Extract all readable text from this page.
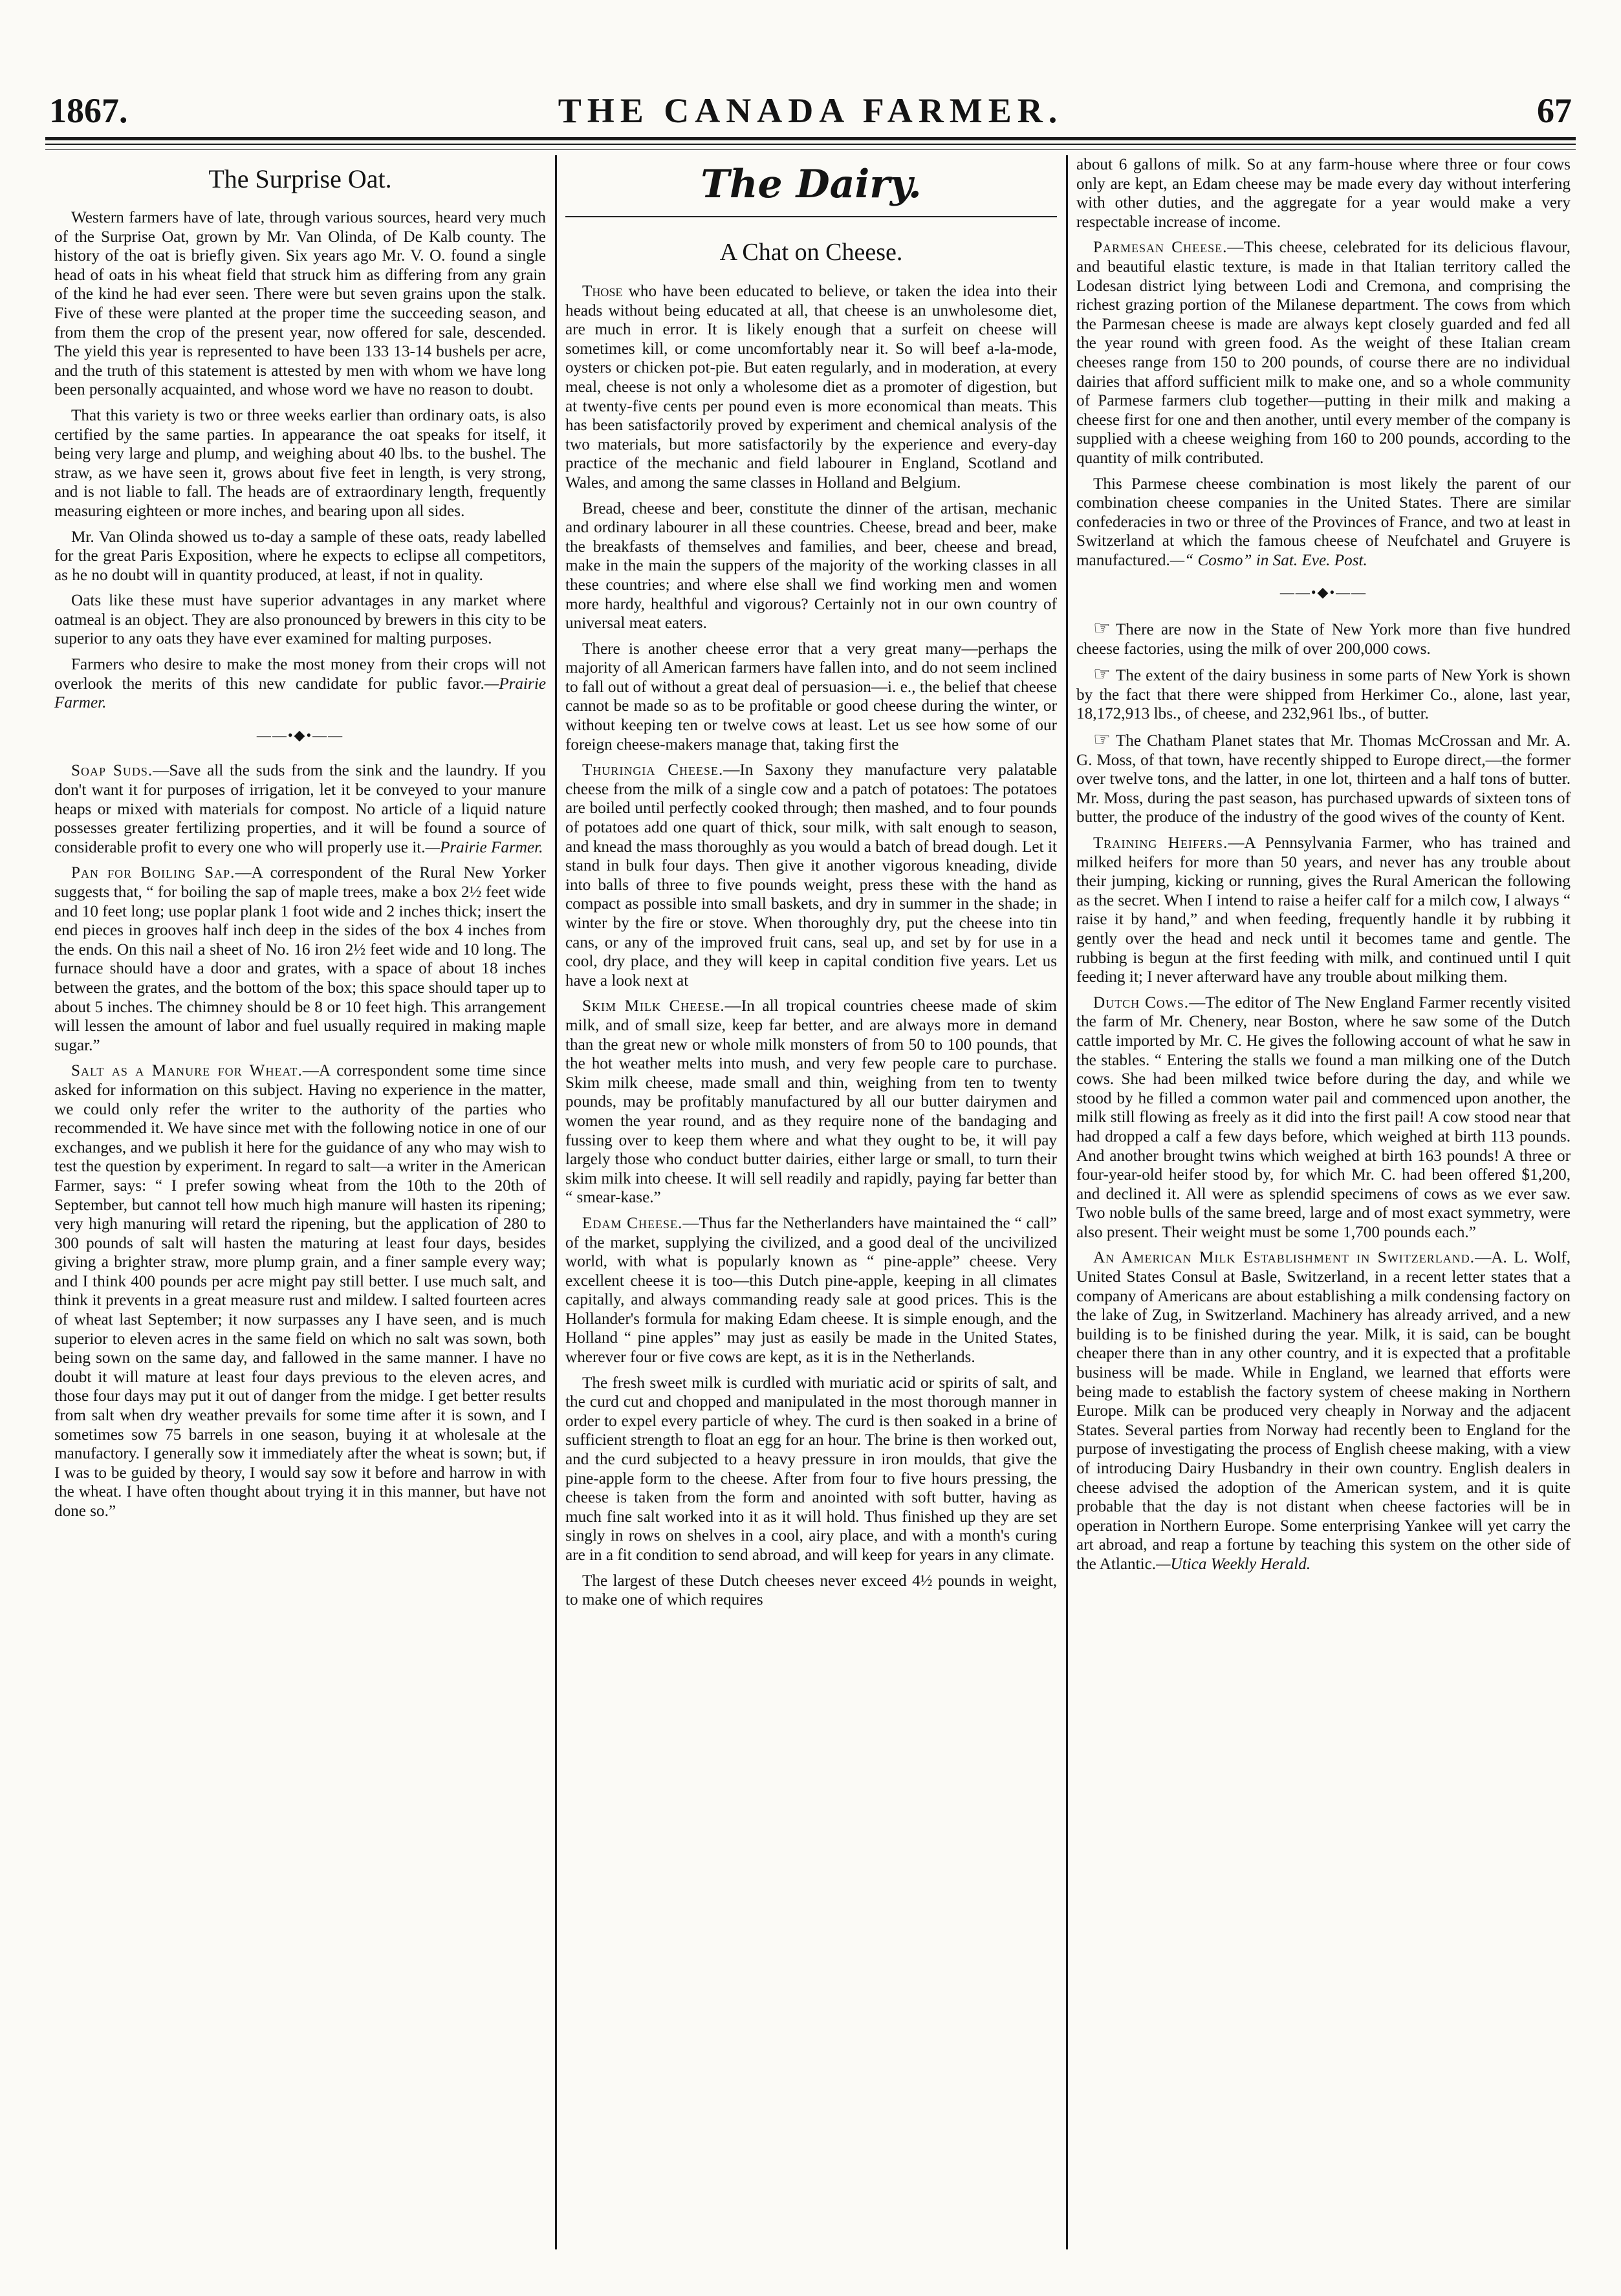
1867.	THE CANADA FARMER.	67
The Surprise Oat.

Western farmers have of late, through various sources, heard very much of the Surprise Oat, grown by Mr. Van Olinda, of De Kalb county. The history of the oat is briefly given. Six years ago Mr. V. O. found a single head of oats in his wheat field that struck him as differing from any grain of the kind he had ever seen. There were but seven grains upon the stalk. Five of these were planted at the proper time the succeeding season, and from them the crop of the present year, now offered for sale, descended. The yield this year is represented to have been 133 13-14 bushels per acre, and the truth of this statement is attested by men with whom we have long been personally acquainted, and whose word we have no reason to doubt.

That this variety is two or three weeks earlier than ordinary oats, is also certified by the same parties. In appearance the oat speaks for itself, it being very large and plump, and weighing about 40 lbs. to the bushel. The straw, as we have seen it, grows about five feet in length, is very strong, and is not liable to fall. The heads are of extraordinary length, frequently measuring eighteen or more inches, and bearing upon all sides.

Mr. Van Olinda showed us to-day a sample of these oats, ready labelled for the great Paris Exposition, where he expects to eclipse all competitors, as he no doubt will in quantity produced, at least, if not in quality.

Oats like these must have superior advantages in any market where oatmeal is an object. They are also pronounced by brewers in this city to be superior to any oats they have ever examined for malting purposes.

Farmers who desire to make the most money from their crops will not overlook the merits of this new candidate for public favor.—Prairie Farmer.

——•◆•——

Soap Suds.—Save all the suds from the sink and the laundry. If you don't want it for purposes of irrigation, let it be conveyed to your manure heaps or mixed with materials for compost. No article of a liquid nature possesses greater fertilizing properties, and it will be found a source of considerable profit to every one who will properly use it.—Prairie Farmer.

Pan for Boiling Sap.—A correspondent of the Rural New Yorker suggests that, “ for boiling the sap of maple trees, make a box 2½ feet wide and 10 feet long; use poplar plank 1 foot wide and 2 inches thick; insert the end pieces in grooves half inch deep in the sides of the box 4 inches from the ends. On this nail a sheet of No. 16 iron 2½ feet wide and 10 long. The furnace should have a door and grates, with a space of about 18 inches between the grates, and the bottom of the box; this space should taper up to about 5 inches. The chimney should be 8 or 10 feet high. This arrangement will lessen the amount of labor and fuel usually required in making maple sugar.”

Salt as a Manure for Wheat.—A correspondent some time since asked for information on this subject. Having no experience in the matter, we could only refer the writer to the authority of the parties who recommended it. We have since met with the following notice in one of our exchanges, and we publish it here for the guidance of any who may wish to test the question by experiment. In regard to salt—a writer in the American Farmer, says: “ I prefer sowing wheat from the 10th to the 20th of September, but cannot tell how much high manure will hasten its ripening; very high manuring will retard the ripening, but the application of 280 to 300 pounds of salt will hasten the maturing at least four days, besides giving a brighter straw, more plump grain, and a finer sample every way; and I think 400 pounds per acre might pay still better. I use much salt, and think it prevents in a great measure rust and mildew. I salted fourteen acres of wheat last September; it now surpasses any I have seen, and is much superior to eleven acres in the same field on which no salt was sown, both being sown on the same day, and fallowed in the same manner. I have no doubt it will mature at least four days previous to the eleven acres, and those four days may put it out of danger from the midge. I get better results from salt when dry weather prevails for some time after it is sown, and I sometimes sow 75 barrels in one season, buying it at wholesale at the manufactory. I generally sow it immediately after the wheat is sown; but, if I was to be guided by theory, I would say sow it before and harrow in with the wheat. I have often thought about trying it in this manner, but have not done so.”

The Dairy.
A Chat on Cheese.

Those who have been educated to believe, or taken the idea into their heads without being educated at all, that cheese is an unwholesome diet, are much in error. It is likely enough that a surfeit on cheese will sometimes kill, or come uncomfortably near it. So will beef a-la-mode, oysters or chicken pot-pie. But eaten regularly, and in moderation, at every meal, cheese is not only a wholesome diet as a promoter of digestion, but at twenty-five cents per pound even is more economical than meats. This has been satisfactorily proved by experiment and chemical analysis of the two materials, but more satisfactorily by the experience and every-day practice of the mechanic and field labourer in England, Scotland and Wales, and among the same classes in Holland and Belgium.

Bread, cheese and beer, constitute the dinner of the artisan, mechanic and ordinary labourer in all these countries. Cheese, bread and beer, make the breakfasts of themselves and families, and beer, cheese and bread, make in the main the suppers of the majority of the working classes in all these countries; and where else shall we find working men and women more hardy, healthful and vigorous? Certainly not in our own country of universal meat eaters.

There is another cheese error that a very great many—perhaps the majority of all American farmers have fallen into, and do not seem inclined to fall out of without a great deal of persuasion—i. e., the belief that cheese cannot be made so as to be profitable or good cheese during the winter, or without keeping ten or twelve cows at least. Let us see how some of our foreign cheese-makers manage that, taking first the

Thuringia Cheese.—In Saxony they manufacture very palatable cheese from the milk of a single cow and a patch of potatoes: The potatoes are boiled until perfectly cooked through; then mashed, and to four pounds of potatoes add one quart of thick, sour milk, with salt enough to season, and knead the mass thoroughly as you would a batch of bread dough. Let it stand in bulk four days. Then give it another vigorous kneading, divide into balls of three to five pounds weight, press these with the hand as compact as possible into small baskets, and dry in summer in the shade; in winter by the fire or stove. When thoroughly dry, put the cheese into tin cans, or any of the improved fruit cans, seal up, and set by for use in a cool, dry place, and they will keep in capital condition five years. Let us have a look next at

Skim Milk Cheese.—In all tropical countries cheese made of skim milk, and of small size, keep far better, and are always more in demand than the great new or whole milk monsters of from 50 to 100 pounds, that the hot weather melts into mush, and very few people care to purchase. Skim milk cheese, made small and thin, weighing from ten to twenty pounds, may be profitably manufactured by all our butter dairymen and women the year round, and as they require none of the bandaging and fussing over to keep them where and what they ought to be, it will pay largely those who conduct butter dairies, either large or small, to turn their skim milk into cheese. It will sell readily and rapidly, paying far better than “ smear-kase.”

Edam Cheese.—Thus far the Netherlanders have maintained the “ call” of the market, supplying the civilized, and a good deal of the uncivilized world, with what is popularly known as “ pine-apple” cheese. Very excellent cheese it is too—this Dutch pine-apple, keeping in all climates capitally, and always commanding ready sale at good prices. This is the Hollander's formula for making Edam cheese. It is simple enough, and the Holland “ pine apples” may just as easily be made in the United States, wherever four or five cows are kept, as it is in the Netherlands.

The fresh sweet milk is curdled with muriatic acid or spirits of salt, and the curd cut and chopped and manipulated in the most thorough manner in order to expel every particle of whey. The curd is then soaked in a brine of sufficient strength to float an egg for an hour. The brine is then worked out, and the curd subjected to a heavy pressure in iron moulds, that give the pine-apple form to the cheese. After from four to five hours pressing, the cheese is taken from the form and anointed with soft butter, having as much fine salt worked into it as it will hold. Thus finished up they are set singly in rows on shelves in a cool, airy place, and with a month's curing are in a fit condition to send abroad, and will keep for years in any climate.

The largest of these Dutch cheeses never exceed 4½ pounds in weight, to make one of which requires

about 6 gallons of milk. So at any farm-house where three or four cows only are kept, an Edam cheese may be made every day without interfering with other duties, and the aggregate for a year would make a very respectable increase of income.

Parmesan Cheese.—This cheese, celebrated for its delicious flavour, and beautiful elastic texture, is made in that Italian territory called the Lodesan district lying between Lodi and Cremona, and comprising the richest grazing portion of the Milanese department. The cows from which the Parmesan cheese is made are always kept closely guarded and fed all the year round with green food. As the weight of these Italian cream cheeses range from 150 to 200 pounds, of course there are no individual dairies that afford sufficient milk to make one, and so a whole community of Parmese farmers club together—putting in their milk and making a cheese first for one and then another, until every member of the company is supplied with a cheese weighing from 160 to 200 pounds, according to the quantity of milk contributed.

This Parmese cheese combination is most likely the parent of our combination cheese companies in the United States. There are similar confederacies in two or three of the Provinces of France, and two at least in Switzerland at which the famous cheese of Neufchatel and Gruyere is manufactured.—“ Cosmo” in Sat. Eve. Post.

——•◆•——

☞ There are now in the State of New York more than five hundred cheese factories, using the milk of over 200,000 cows.

☞ The extent of the dairy business in some parts of New York is shown by the fact that there were shipped from Herkimer Co., alone, last year, 18,172,913 lbs., of cheese, and 232,961 lbs., of butter.

☞ The Chatham Planet states that Mr. Thomas McCrossan and Mr. A. G. Moss, of that town, have recently shipped to Europe direct,—the former over twelve tons, and the latter, in one lot, thirteen and a half tons of butter. Mr. Moss, during the past season, has purchased upwards of sixteen tons of butter, the produce of the industry of the good wives of the county of Kent.

Training Heifers.—A Pennsylvania Farmer, who has trained and milked heifers for more than 50 years, and never has any trouble about their jumping, kicking or running, gives the Rural American the following as the secret. When I intend to raise a heifer calf for a milch cow, I always “ raise it by hand,” and when feeding, frequently handle it by rubbing it gently over the head and neck until it becomes tame and gentle. The rubbing is begun at the first feeding with milk, and continued until I quit feeding it; I never afterward have any trouble about milking them.

Dutch Cows.—The editor of The New England Farmer recently visited the farm of Mr. Chenery, near Boston, where he saw some of the Dutch cattle imported by Mr. C. He gives the following account of what he saw in the stables. “ Entering the stalls we found a man milking one of the Dutch cows. She had been milked twice before during the day, and while we stood by he filled a common water pail and commenced upon another, the milk still flowing as freely as it did into the first pail! A cow stood near that had dropped a calf a few days before, which weighed at birth 113 pounds. And another brought twins which weighed at birth 163 pounds! A three or four-year-old heifer stood by, for which Mr. C. had been offered $1,200, and declined it. All were as splendid specimens of cows as we ever saw. Two noble bulls of the same breed, large and of most exact symmetry, were also present. Their weight must be some 1,700 pounds each.”

An American Milk Establishment in Switzerland.—A. L. Wolf, United States Consul at Basle, Switzerland, in a recent letter states that a company of Americans are about establishing a milk condensing factory on the lake of Zug, in Switzerland. Machinery has already arrived, and a new building is to be finished during the year. Milk, it is said, can be bought cheaper there than in any other country, and it is expected that a profitable business will be made. While in England, we learned that efforts were being made to establish the factory system of cheese making in Northern Europe. Milk can be produced very cheaply in Norway and the adjacent States. Several parties from Norway had recently been to England for the purpose of investigating the process of English cheese making, with a view of introducing Dairy Husbandry in their own country. English dealers in cheese advised the adoption of the American system, and it is quite probable that the day is not distant when cheese factories will be in operation in Northern Europe. Some enterprising Yankee will yet carry the art abroad, and reap a fortune by teaching this system on the other side of the Atlantic.—Utica Weekly Herald.
